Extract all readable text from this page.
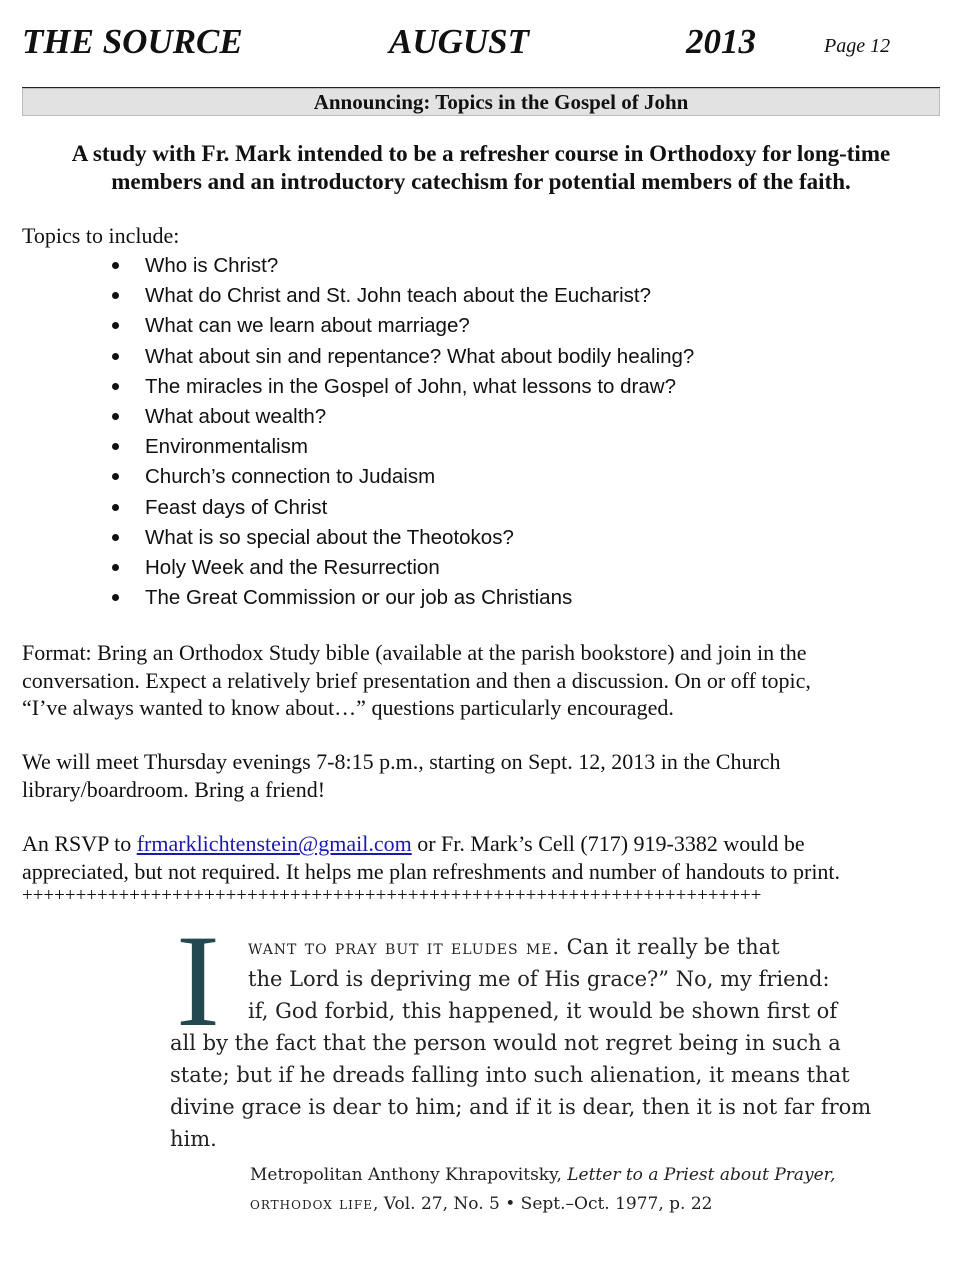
THE SOURCE	AUGUST	2013	Page 12
Announcing: Topics in the Gospel of John
A study with Fr. Mark intended to be a refresher course in Orthodoxy for long-time
members and an introductory catechism for potential members of the faith.
Topics to include:
Who is Christ?
What do Christ and St. John teach about the Eucharist?
What can we learn about marriage?
What about sin and repentance? What about bodily healing?
The miracles in the Gospel of John, what lessons to draw?
What about wealth?
Environmentalism
Church’s connection to Judaism
Feast days of Christ
What is so special about the Theotokos?
Holy Week and the Resurrection
The Great Commission or our job as Christians
Format: Bring an Orthodox Study bible (available at the parish bookstore) and join in the
conversation. Expect a relatively brief presentation and then a discussion. On or off topic,
“I’ve always wanted to know about…” questions particularly encouraged.
We will meet Thursday evenings 7-8:15 p.m., starting on Sept. 12, 2013 in the Church
library/boardroom. Bring a friend!
An RSVP to frmarklichtenstein@gmail.com or Fr. Mark’s Cell (717) 919-3382 would be
appreciated, but not required. It helps me plan refreshments and number of handouts to print.
+++++++++++++++++++++++++++++++++++++++++++++++++++++++++++++++++++++
I	want to pray but it eludes me. Can it really be that
the Lord is depriving me of His grace?” No, my friend:
if, God forbid, this happened, it would be shown first of
all by the fact that the person would not regret being in such a
state; but if he dreads falling into such alienation, it means that
divine grace is dear to him; and if it is dear, then it is not far from
him.
Metropolitan Anthony Khrapovitsky, Letter to a Priest about Prayer,
orthodox life, Vol. 27, No. 5 • Sept.–Oct. 1977, p. 22
